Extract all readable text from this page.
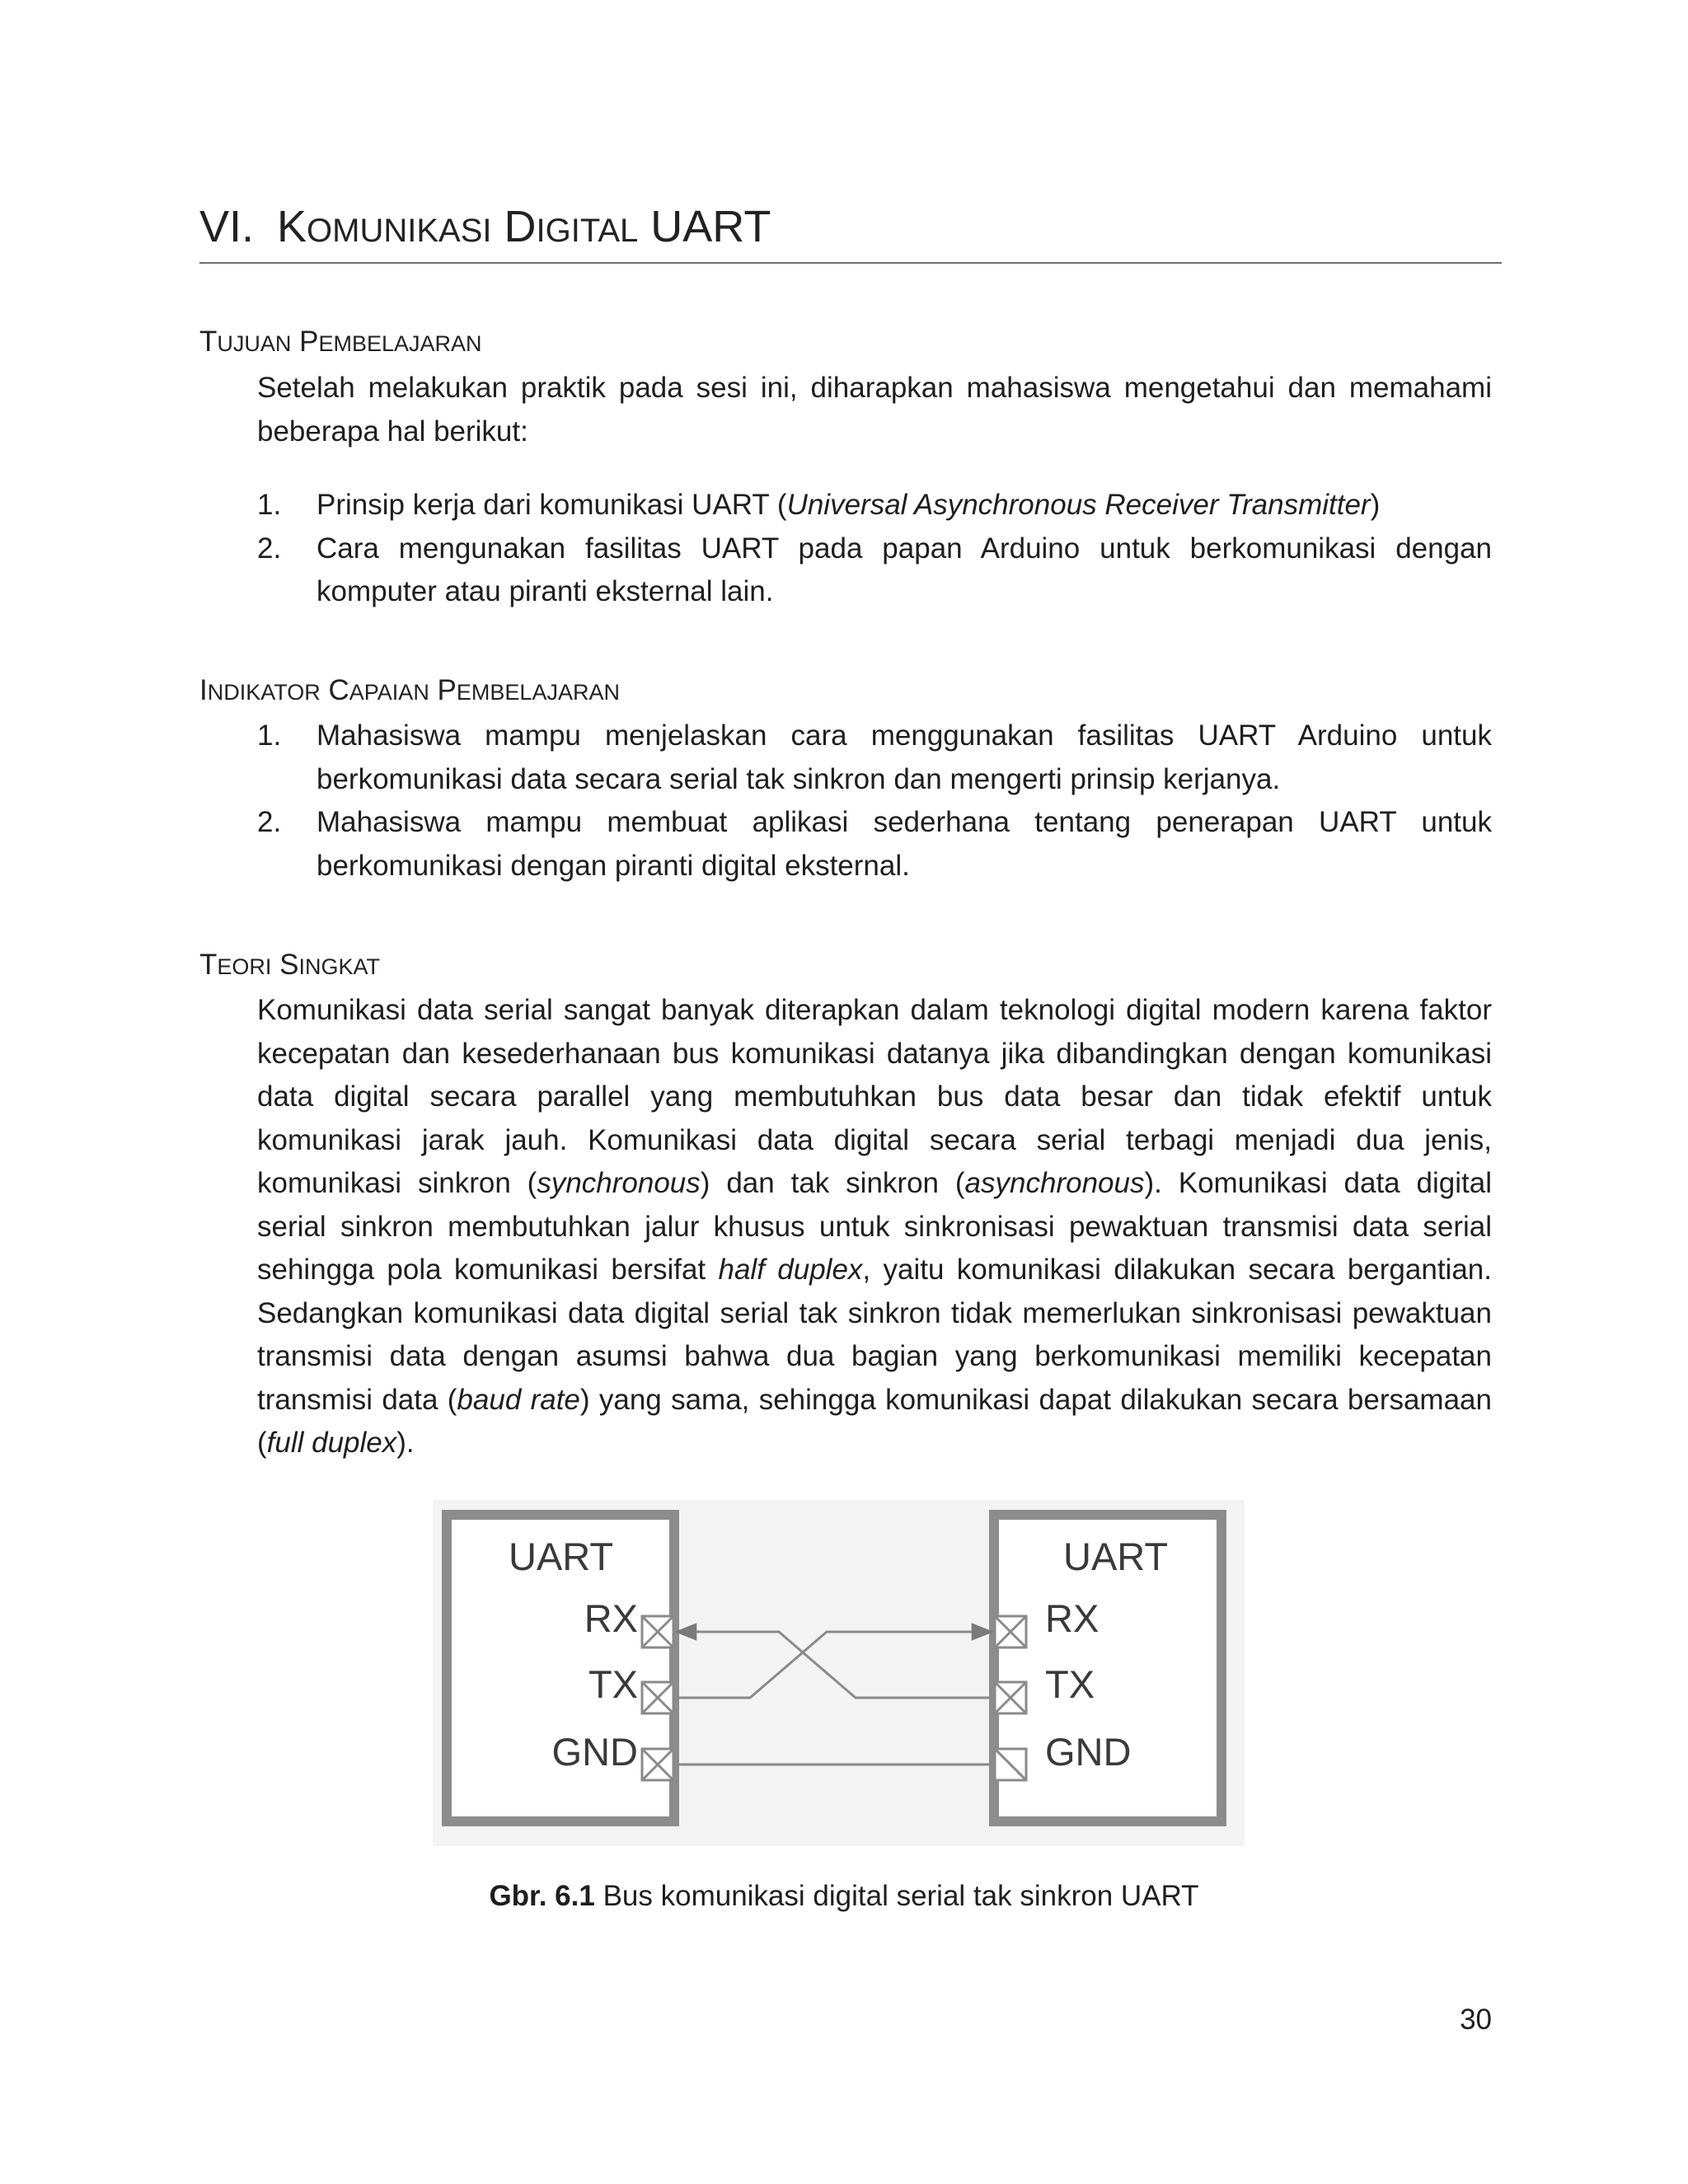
VI. KOMUNIKASI DIGITAL UART
TUJUAN PEMBELAJARAN

Setelah melakukan praktik pada sesi ini, diharapkan mahasiswa mengetahui dan memahami beberapa hal berikut:

1. Prinsip kerja dari komunikasi UART (Universal Asynchronous Receiver Transmitter)
2. Cara mengunakan fasilitas UART pada papan Arduino untuk berkomunikasi dengan komputer atau piranti eksternal lain.
INDIKATOR CAPAIAN PEMBELAJARAN
1. Mahasiswa mampu menjelaskan cara menggunakan fasilitas UART Arduino untuk berkomunikasi data secara serial tak sinkron dan mengerti prinsip kerjanya.
2. Mahasiswa mampu membuat aplikasi sederhana tentang penerapan UART untuk berkomunikasi dengan piranti digital eksternal.
TEORI SINGKAT

Komunikasi data serial sangat banyak diterapkan dalam teknologi digital modern karena faktor kecepatan dan kesederhanaan bus komunikasi datanya jika dibandingkan dengan komunikasi data digital secara parallel yang membutuhkan bus data besar dan tidak efektif untuk komunikasi jarak jauh. Komunikasi data digital secara serial terbagi menjadi dua jenis, komunikasi sinkron (synchronous) dan tak sinkron (asynchronous). Komunikasi data digital serial sinkron membutuhkan jalur khusus untuk sinkronisasi pewaktuan transmisi data serial sehingga pola komunikasi bersifat half duplex, yaitu komunikasi dilakukan secara bergantian. Sedangkan komunikasi data digital serial tak sinkron tidak memerlukan sinkronisasi pewaktuan transmisi data dengan asumsi bahwa dua bagian yang berkomunikasi memiliki kecepatan transmisi data (baud rate) yang sama, sehingga komunikasi dapat dilakukan secara bersamaan (full duplex).

UART
RX
TX
GND
UART
RX
TX
GND
Gbr. 6.1 Bus komunikasi digital serial tak sinkron UART
30
